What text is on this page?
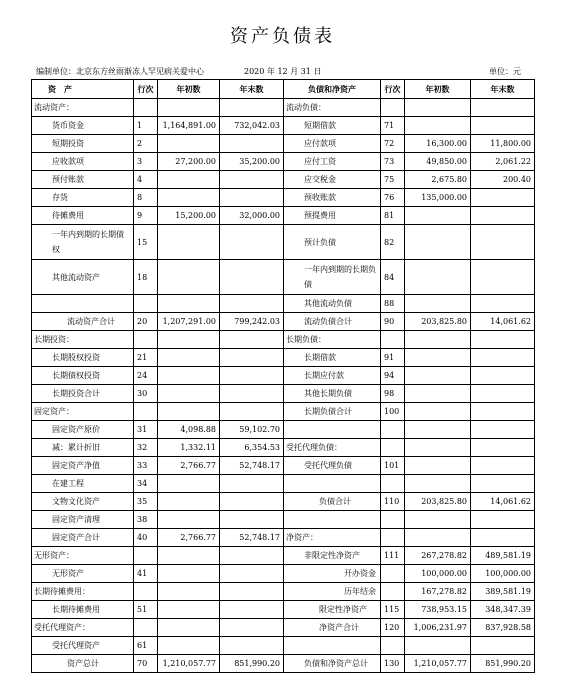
资产负债表
编制单位：北京东方丝雨渐冻人罕见病关爱中心	2020 年 12 月 31 日	单位：元
资　产	行次	年初数	年末数	负债和净资产	行次	年初数	年末数
流动资产：				流动负债：			
货币资金	1	1,164,891.00	732,042.03	短期借款	71		
短期投资	2			应付款项	72	16,300.00	11,800.00
应收款项	3	27,200.00	35,200.00	应付工资	73	49,850.00	2,061.22
预付账款	4			应交税金	75	2,675.80	200.40
存货	8			预收账款	76	135,000.00	
待摊费用	9	15,200.00	32,000.00	预提费用	81		
一年内到期的长期债权	15			预计负债	82		
其他流动资产	18			一年内到期的长期负债	84		
				其他流动负债	88		
流动资产合计	20	1,207,291.00	799,242.03	流动负债合计	90	203,825.80	14,061.62
长期投资：				长期负债：			
长期股权投资	21			长期借款	91		
长期债权投资	24			长期应付款	94		
长期投资合计	30			其他长期负债	98		
固定资产：				长期负债合计	100		
固定资产原价	31	4,098.88	59,102.70				
减：累计折旧	32	1,332.11	6,354.53	受托代理负债：			
固定资产净值	33	2,766.77	52,748.17	受托代理负债	101		
在建工程	34						
文物文化资产	35			负债合计	110	203,825.80	14,061.62
固定资产清理	38						
固定资产合计	40	2,766.77	52,748.17	净资产：			
无形资产：				非限定性净资产	111	267,278.82	489,581.19
无形资产	41			开办资金		100,000.00	100,000.00
长期待摊费用：				历年结余		167,278.82	389,581.19
长期待摊费用	51			限定性净资产	115	738,953.15	348,347.39
受托代理资产：				净资产合计	120	1,006,231.97	837,928.58
受托代理资产	61						
资产总计	70	1,210,057.77	851,990.20	负债和净资产总计	130	1,210,057.77	851,990.20
